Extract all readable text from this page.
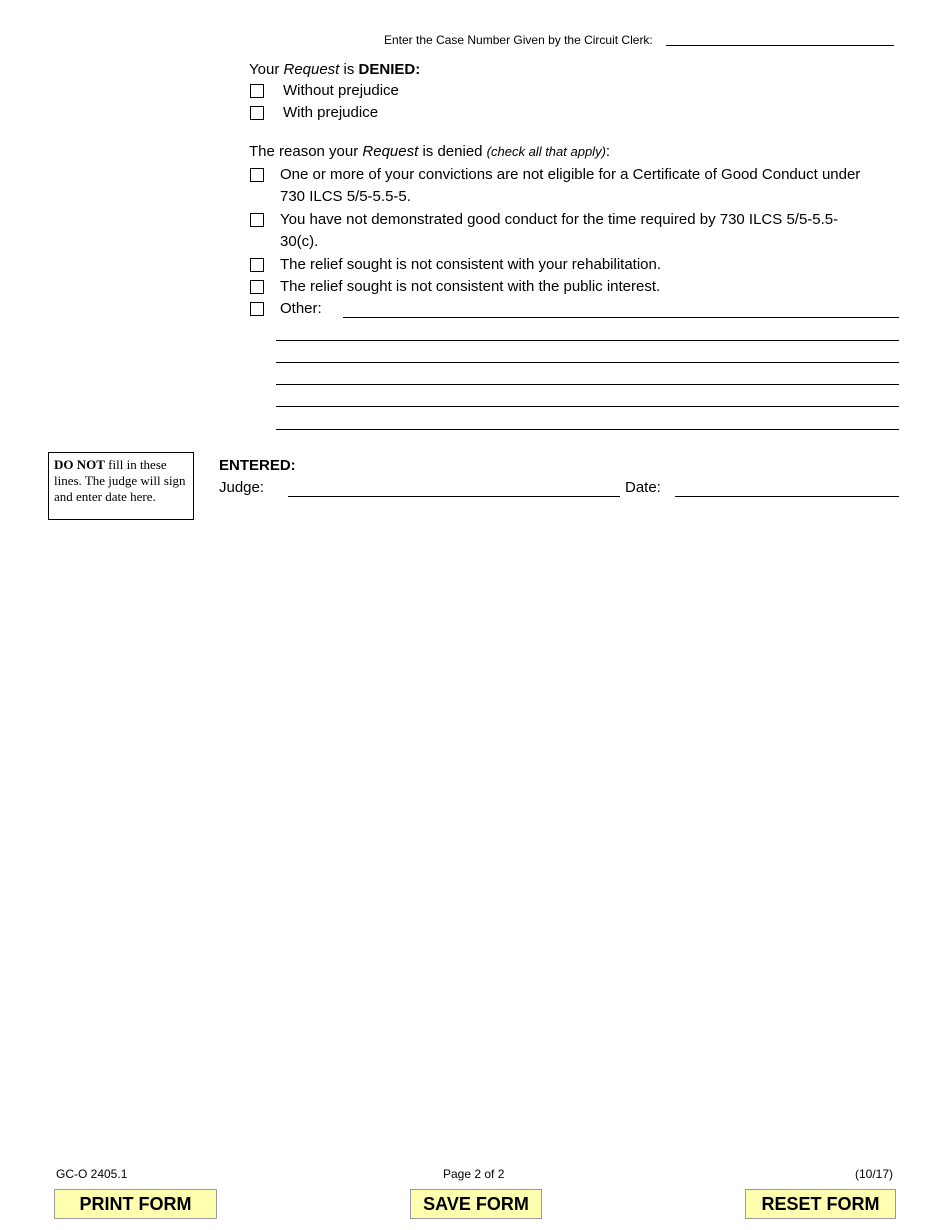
Enter the Case Number Given by the Circuit Clerk:
Your Request is DENIED:
Without prejudice
With prejudice
The reason your Request is denied (check all that apply):
One or more of your convictions are not eligible for a Certificate of Good Conduct under
730 ILCS 5/5-5.5-5.
You have not demonstrated good conduct for the time required by 730 ILCS 5/5-5.5-
30(c).
The relief sought is not consistent with your rehabilitation.
The relief sought is not consistent with the public interest.
Other:
DO NOT fill in these lines. The judge will sign and enter date here.
ENTERED:
Judge:	Date:
GC-O 2405.1	Page 2 of 2	(10/17)
PRINT FORM	SAVE FORM	RESET FORM
